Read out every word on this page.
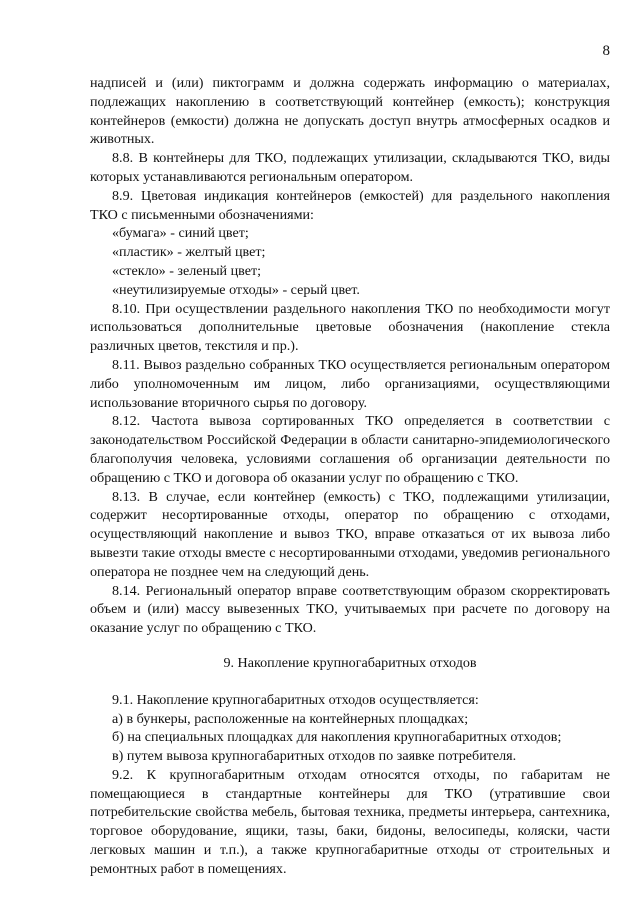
8

надписей и (или) пиктограмм и должна содержать информацию о материалах, подлежащих накоплению в соответствующий контейнер (емкость); конструкция контейнеров (емкости) должна не допускать доступ внутрь атмосферных осадков и животных.

8.8. В контейнеры для ТКО, подлежащих утилизации, складываются ТКО, виды которых устанавливаются региональным оператором.

8.9. Цветовая индикация контейнеров (емкостей) для раздельного накопления ТКО с письменными обозначениями:

«бумага» - синий цвет;
«пластик» - желтый цвет;
«стекло» - зеленый цвет;
«неутилизируемые отходы» - серый цвет.

8.10. При осуществлении раздельного накопления ТКО по необходимости могут использоваться дополнительные цветовые обозначения (накопление стекла различных цветов, текстиля и пр.).

8.11. Вывоз раздельно собранных ТКО осуществляется региональным оператором либо уполномоченным им лицом, либо организациями, осуществляющими использование вторичного сырья по договору.

8.12. Частота вывоза сортированных ТКО определяется в соответствии с законодательством Российской Федерации в области санитарно-эпидемиологического благополучия человека, условиями соглашения об организации деятельности по обращению с ТКО и договора об оказании услуг по обращению с ТКО.

8.13. В случае, если контейнер (емкость) с ТКО, подлежащими утилизации, содержит несортированные отходы, оператор по обращению с отходами, осуществляющий накопление и вывоз ТКО, вправе отказаться от их вывоза либо вывезти такие отходы вместе с несортированными отходами, уведомив регионального оператора не позднее чем на следующий день.

8.14. Региональный оператор вправе соответствующим образом скорректировать объем и (или) массу вывезенных ТКО, учитываемых при расчете по договору на оказание услуг по обращению с ТКО.

9. Накопление крупногабаритных отходов

9.1. Накопление крупногабаритных отходов осуществляется:

а) в бункеры, расположенные на контейнерных площадках;
б) на специальных площадках для накопления крупногабаритных отходов;
в) путем вывоза крупногабаритных отходов по заявке потребителя.

9.2. К крупногабаритным отходам относятся отходы, по габаритам не помещающиеся в стандартные контейнеры для ТКО (утратившие свои потребительские свойства мебель, бытовая техника, предметы интерьера, сантехника, торговое оборудование, ящики, тазы, баки, бидоны, велосипеды, коляски, части легковых машин и т.п.), а также крупногабаритные отходы от строительных и ремонтных работ в помещениях.
